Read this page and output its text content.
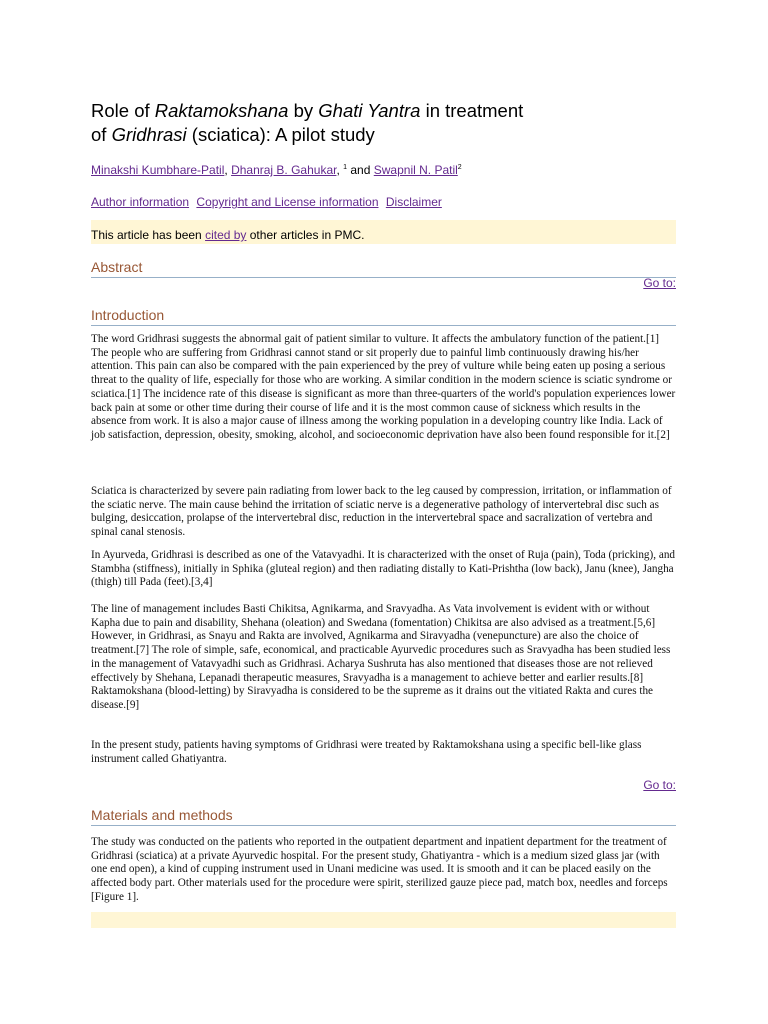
Role of Raktamokshana by Ghati Yantra in treatment
of Gridhrasi (sciatica): A pilot study
Minakshi Kumbhare-Patil, Dhanraj B. Gahukar, $^1$ and Swapnil N. Patil$^2$
Author information Copyright and License information Disclaimer
This article has been cited by other articles in PMC.
Abstract
Go to:
Introduction

The word Gridhrasi suggests the abnormal gait of patient similar to vulture. It affects the ambulatory function of the patient.[1] The people who are suffering from Gridhrasi cannot stand or sit properly due to painful limb continuously drawing his/her attention. This pain can also be compared with the pain experienced by the prey of vulture while being eaten up posing a serious threat to the quality of life, especially for those who are working. A similar condition in the modern science is sciatic syndrome or sciatica.[1] The incidence rate of this disease is significant as more than three-quarters of the world's population experiences lower back pain at some or other time during their course of life and it is the most common cause of sickness which results in the absence from work. It is also a major cause of illness among the working population in a developing country like India. Lack of job satisfaction, depression, obesity, smoking, alcohol, and socioeconomic deprivation have also been found responsible for it.[2]

Sciatica is characterized by severe pain radiating from lower back to the leg caused by compression, irritation, or inflammation of the sciatic nerve. The main cause behind the irritation of sciatic nerve is a degenerative pathology of intervertebral disc such as bulging, desiccation, prolapse of the intervertebral disc, reduction in the intervertebral space and sacralization of vertebra and spinal canal stenosis.

In Ayurveda, Gridhrasi is described as one of the Vatavyadhi. It is characterized with the onset of Ruja (pain), Toda (pricking), and Stambha (stiffness), initially in Sphika (gluteal region) and then radiating distally to Kati-Prishtha (low back), Janu (knee), Jangha (thigh) till Pada (feet).[3,4]

The line of management includes Basti Chikitsa, Agnikarma, and Sravyadha. As Vata involvement is evident with or without Kapha due to pain and disability, Shehana (oleation) and Swedana (fomentation) Chikitsa are also advised as a treatment.[5,6] However, in Gridhrasi, as Snayu and Rakta are involved, Agnikarma and Siravyadha (venepuncture) are also the choice of treatment.[7] The role of simple, safe, economical, and practicable Ayurvedic procedures such as Sravyadha has been studied less in the management of Vatavyadhi such as Gridhrasi. Acharya Sushruta has also mentioned that diseases those are not relieved effectively by Shehana, Lepanadi therapeutic measures, Sravyadha is a management to achieve better and earlier results.[8] Raktamokshana (blood-letting) by Siravyadha is considered to be the supreme as it drains out the vitiated Rakta and cures the disease.[9]

In the present study, patients having symptoms of Gridhrasi were treated by Raktamokshana using a specific bell-like glass instrument called Ghatiyantra.

Go to:
Materials and methods

The study was conducted on the patients who reported in the outpatient department and inpatient department for the treatment of Gridhrasi (sciatica) at a private Ayurvedic hospital. For the present study, Ghatiyantra - which is a medium sized glass jar (with one end open), a kind of cupping instrument used in Unani medicine was used. It is smooth and it can be placed easily on the affected body part. Other materials used for the procedure were spirit, sterilized gauze piece pad, match box, needles and forceps [Figure 1].
